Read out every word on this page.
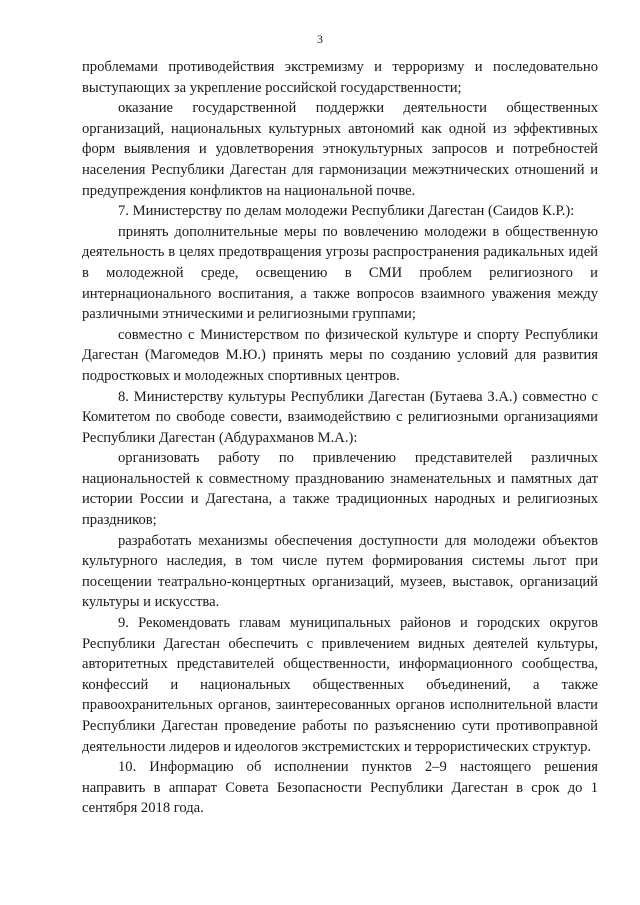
3

проблемами противодействия экстремизму и терроризму и последовательно выступающих за укрепление российской государственности;

оказание государственной поддержки деятельности общественных организаций, национальных культурных автономий как одной из эффективных форм выявления и удовлетворения этнокультурных запросов и потребностей населения Республики Дагестан для гармонизации межэтнических отношений и предупреждения конфликтов на национальной почве.

7. Министерству по делам молодежи Республики Дагестан (Саидов К.Р.):

принять дополнительные меры по вовлечению молодежи в общественную деятельность в целях предотвращения угрозы распространения радикальных идей в молодежной среде, освещению в СМИ проблем религиозного и интернационального воспитания, а также вопросов взаимного уважения между различными этническими и религиозными группами;

совместно с Министерством по физической культуре и спорту Республики Дагестан (Магомедов М.Ю.) принять меры по созданию условий для развития подростковых и молодежных спортивных центров.

8. Министерству культуры Республики Дагестан (Бутаева З.А.) совместно с Комитетом по свободе совести, взаимодействию с религиозными организациями Республики Дагестан (Абдурахманов М.А.):

организовать работу по привлечению представителей различных национальностей к совместному празднованию знаменательных и памятных дат истории России и Дагестана, а также традиционных народных и религиозных праздников;

разработать механизмы обеспечения доступности для молодежи объектов культурного наследия, в том числе путем формирования системы льгот при посещении театрально-концертных организаций, музеев, выставок, организаций культуры и искусства.

9. Рекомендовать главам муниципальных районов и городских округов Республики Дагестан обеспечить с привлечением видных деятелей культуры, авторитетных представителей общественности, информационного сообщества, конфессий и национальных общественных объединений, а также правоохранительных органов, заинтересованных органов исполнительной власти Республики Дагестан проведение работы по разъяснению сути противоправной деятельности лидеров и идеологов экстремистских и террористических структур.

10. Информацию об исполнении пунктов 2–9 настоящего решения направить в аппарат Совета Безопасности Республики Дагестан в срок до 1 сентября 2018 года.
